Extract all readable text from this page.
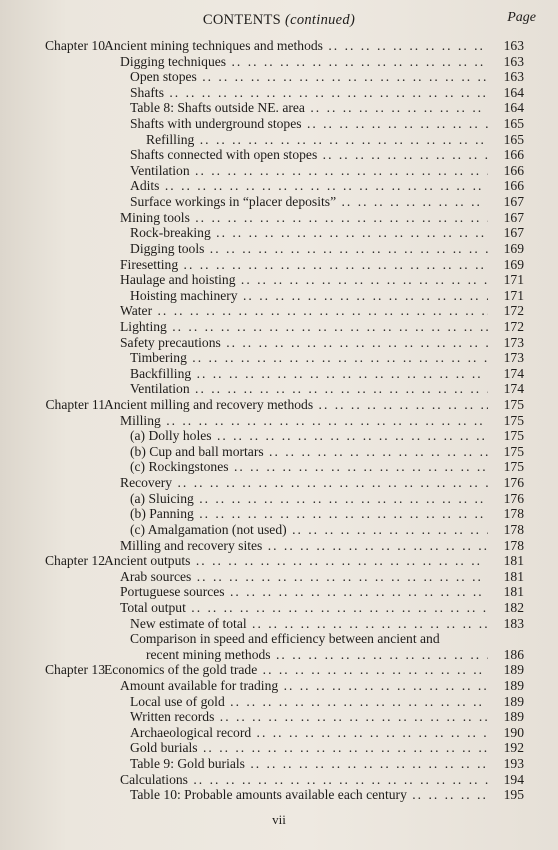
CONTENTS (continued)	Page
Chapter 10 Ancient mining techniques and methods .. ..	163
Digging techniques .. ..	163
Open stopes .. ..	163
Shafts .. ..	164
Table 8: Shafts outside NE. area .. ..	164
Shafts with underground stopes .. ..	165
Refilling .. ..	165
Shafts connected with open stopes .. ..	166
Ventilation .. ..	166
Adits .. ..	166
Surface workings in “placer deposits” .. ..	167
Mining tools .. ..	167
Rock-breaking .. ..	167
Digging tools .. ..	169
Firesetting .. ..	169
Haulage and hoisting .. ..	171
Hoisting machinery .. ..	171
Water .. ..	172
Lighting .. ..	172
Safety precautions .. ..	173
Timbering .. ..	173
Backfilling .. ..	174
Ventilation .. ..	174
Chapter 11 Ancient milling and recovery methods .. ..	175
Milling .. ..	175
(a) Dolly holes .. ..	175
(b) Cup and ball mortars .. ..	175
(c) Rockingstones .. ..	175
Recovery .. ..	176
(a) Sluicing .. ..	176
(b) Panning .. ..	178
(c) Amalgamation (not used) .. ..	178
Milling and recovery sites .. ..	178
Chapter 12 Ancient outputs .. ..	181
Arab sources .. ..	181
Portuguese sources .. ..	181
Total output .. ..	182
New estimate of total .. ..	183
Comparison in speed and efficiency between ancient and
recent mining methods .. ..	186
Chapter 13 Economics of the gold trade .. ..	189
Amount available for trading .. ..	189
Local use of gold .. ..	189
Written records .. ..	189
Archaeological record .. ..	190
Gold burials .. ..	192
Table 9: Gold burials .. ..	193
Calculations .. ..	194
Table 10: Probable amounts available each century .. ..	195
vii
